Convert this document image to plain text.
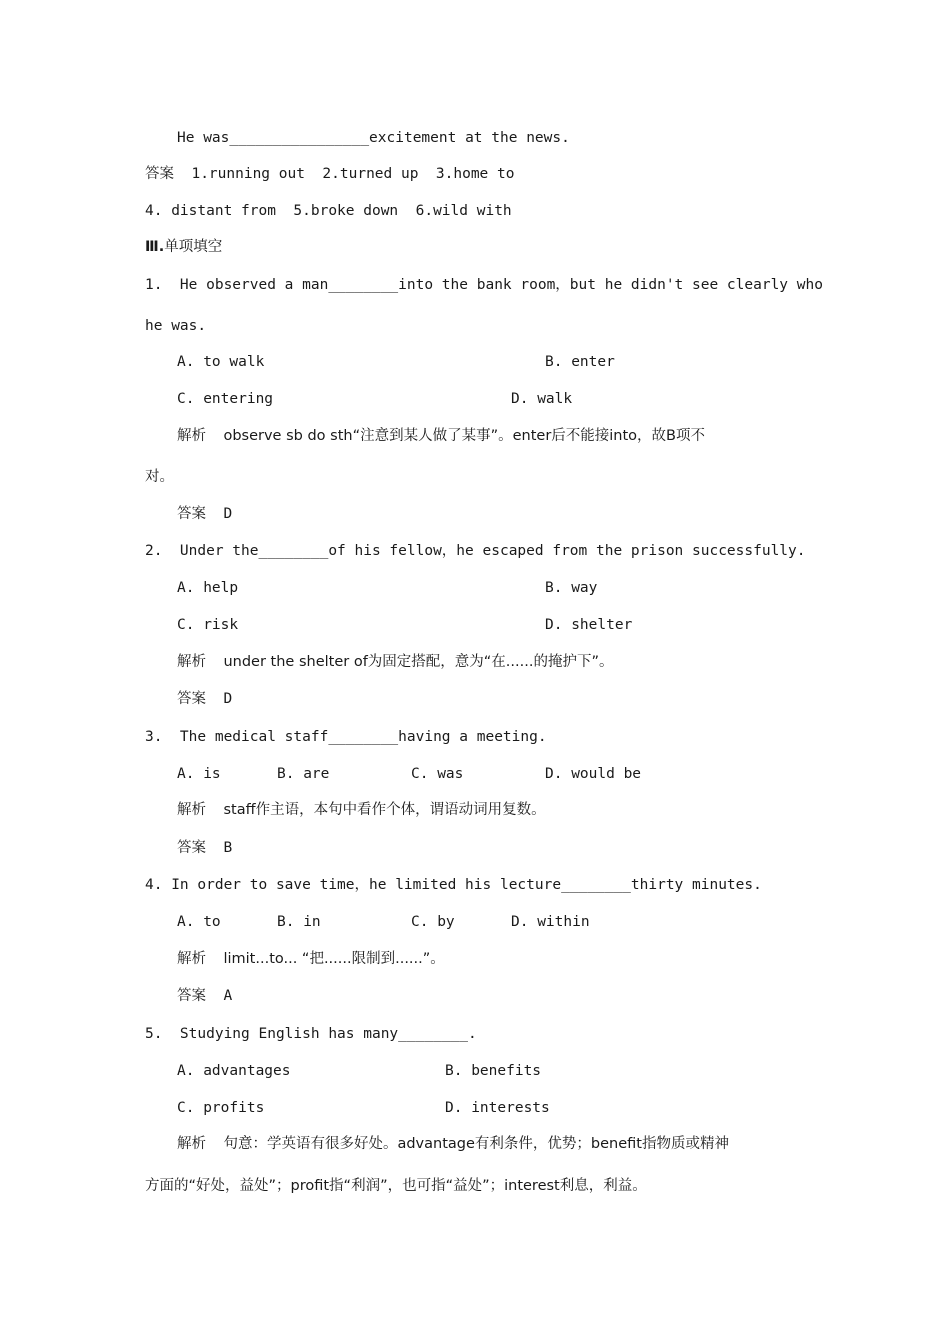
He was________________excitement at the news.
答案 1.running out  2.turned up  3.home to
4. distant from  5.broke down  6.wild with
Ⅲ.单项填空
1.  He observed a man________into the bank room，but he didn't see clearly who
he was.
A. to walk	B. enter
C. entering	D. walk
解析 observe sb do sth“注意到某人做了某事”。enter后不能接into，故B项不
对。
答案 D
2.  Under the________of his fellow，he escaped from the prison successfully.
A. help	B. way
C. risk	D. shelter
解析 under the shelter of为固定搭配，意为“在......的掩护下”。
答案 D
3.  The medical staff________having a meeting.
A. is	B. are	C. was	D. would be
解析 staff作主语，本句中看作个体，谓语动词用复数。
答案 B
4. In order to save time，he limited his lecture________thirty minutes.
A. to	B. in	C. by	D. within
解析 limit...to... “把......限制到......”。
答案 A
5.  Studying English has many________.
A. advantages	B. benefits
C. profits	D. interests
解析 句意：学英语有很多好处。advantage有利条件，优势；benefit指物质或精神
方面的“好处，益处”；profit指“利润”，也可指“益处”；interest利息，利益。
